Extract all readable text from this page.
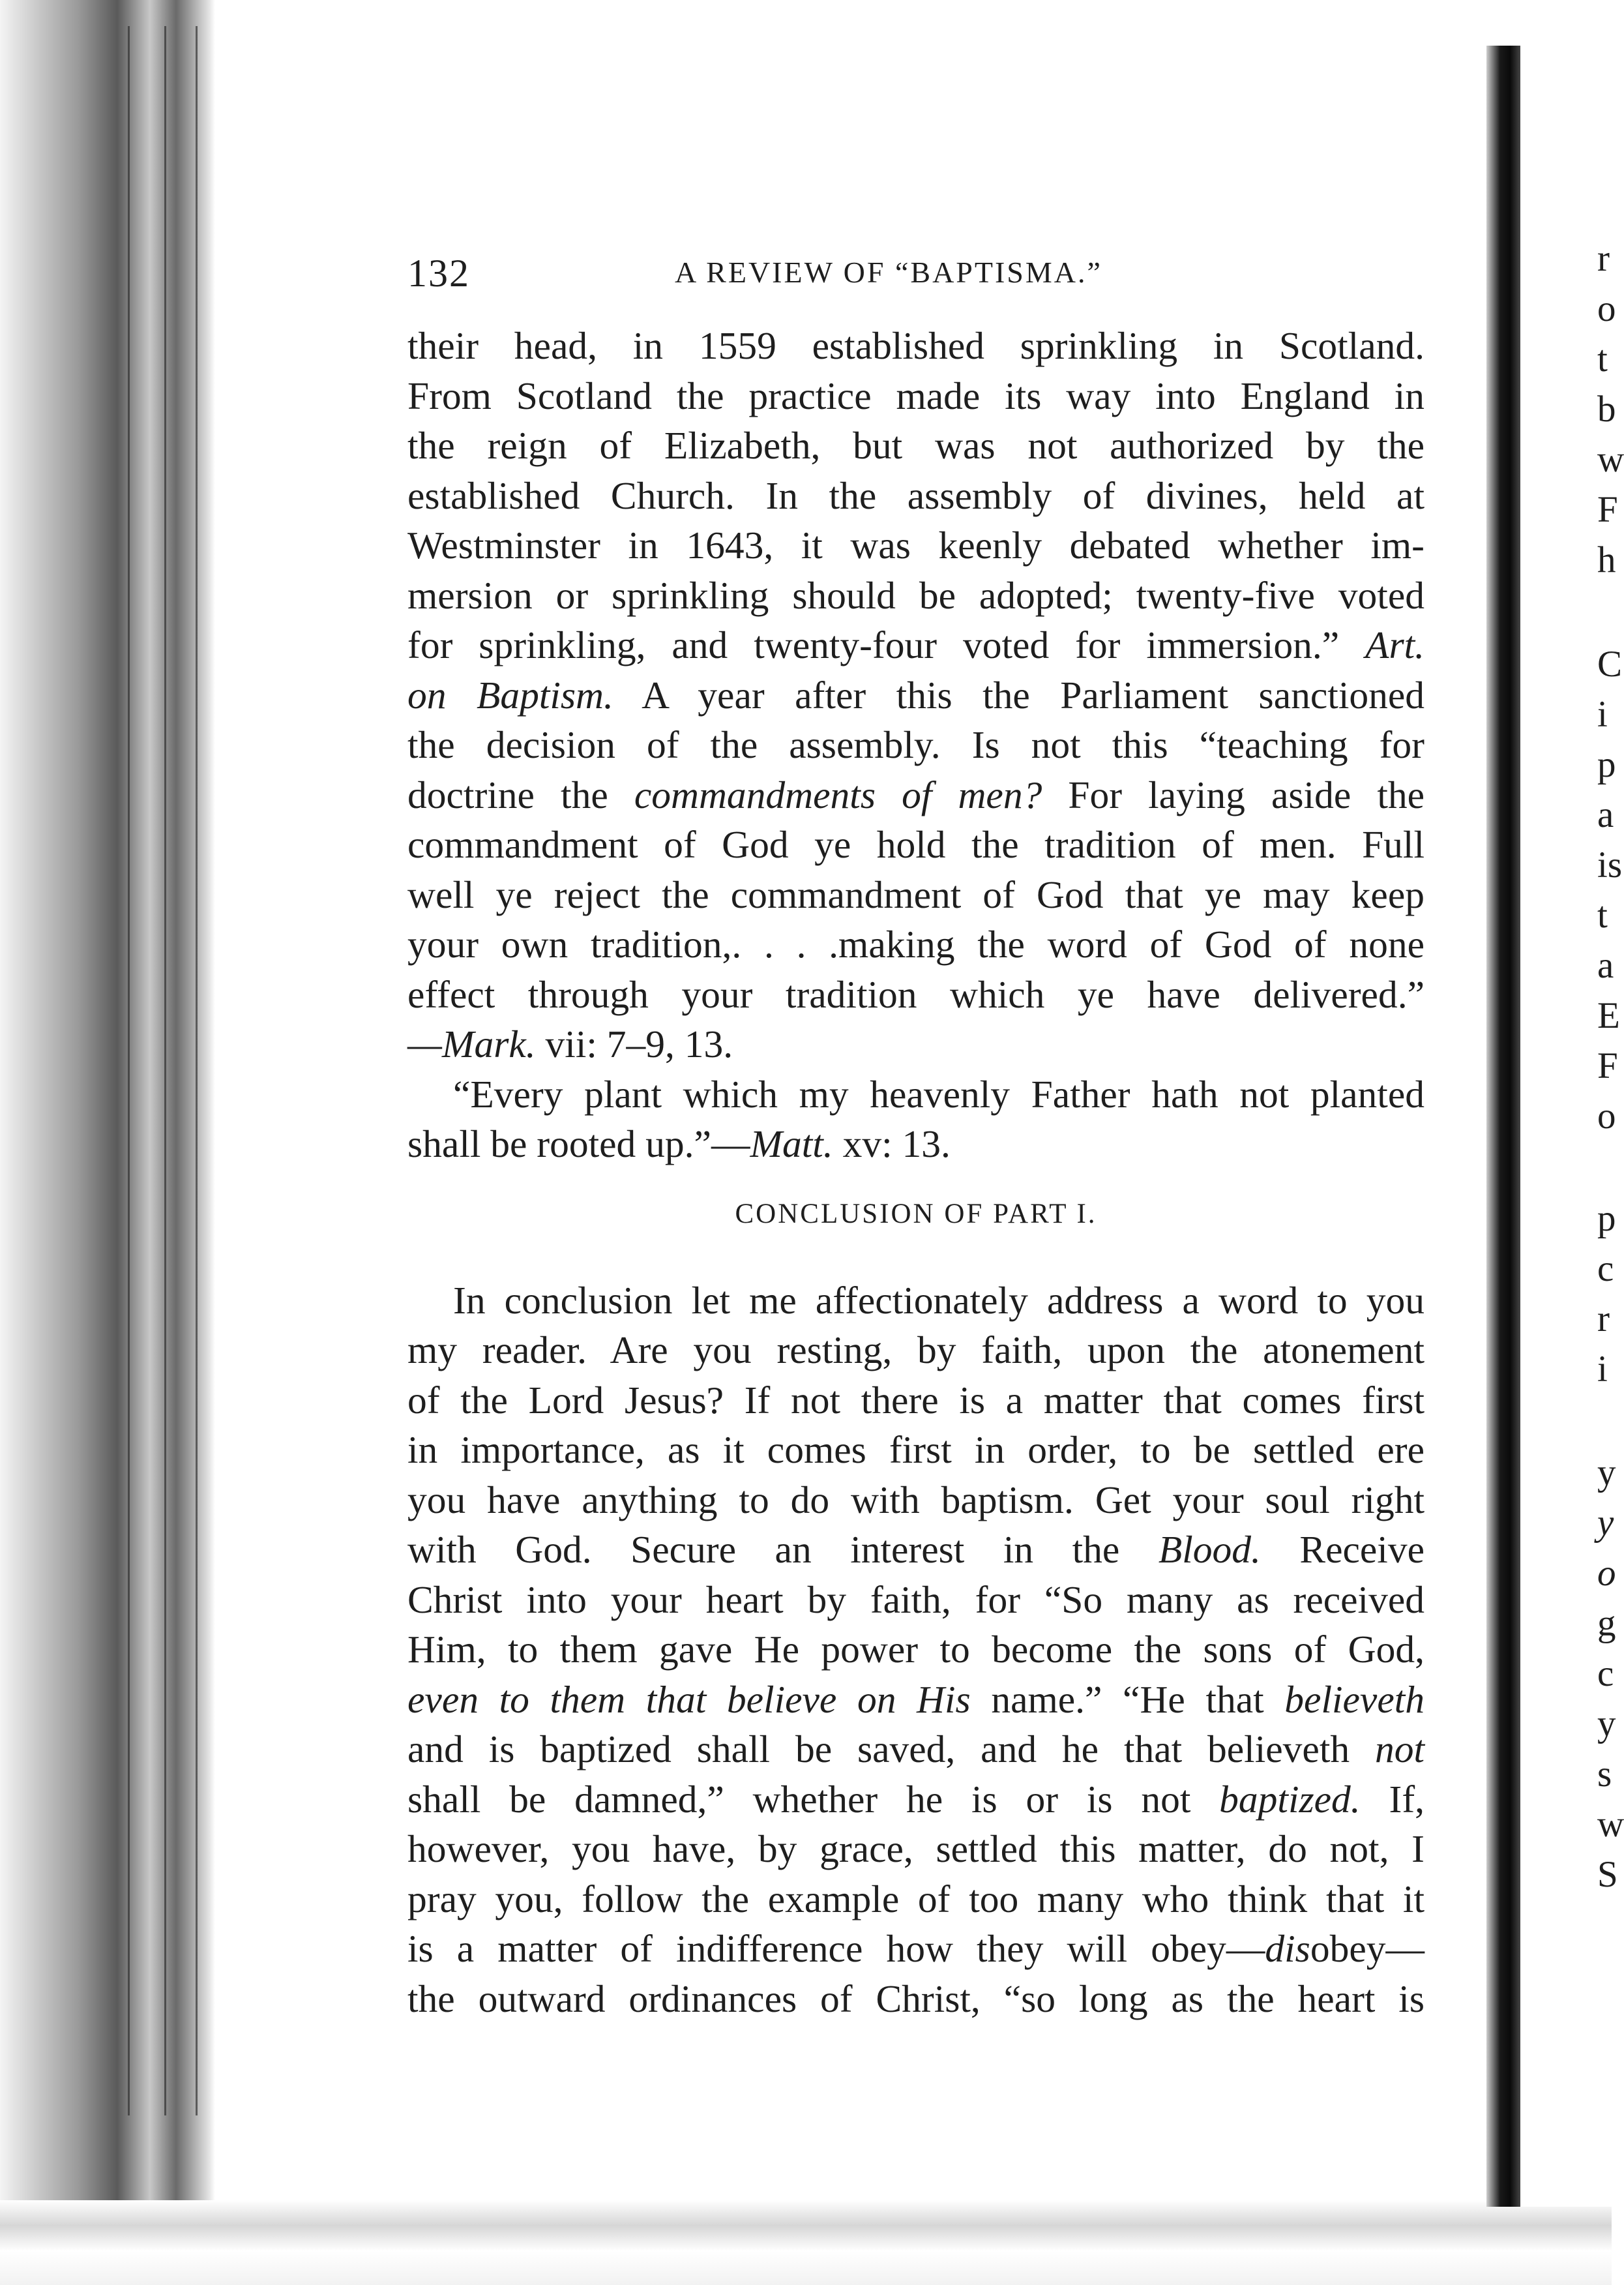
r
o
t
b
w
F
h
C
i
p
a
is
t
a
E
F
o
p
c
r
i
y
y
o
g
c
y
s
w
S
132	A REVIEW OF “BAPTISMA.”

their head, in 1559 established sprinkling in Scotland.
From Scotland the practice made its way into England in
the reign of Elizabeth, but was not authorized by the
established Church. In the assembly of divines, held at
Westminster in 1643, it was keenly debated whether im-
mersion or sprinkling should be adopted; twenty-five voted
for sprinkling, and twenty-four voted for immersion.” Art.
on Baptism. A year after this the Parliament sanctioned
the decision of the assembly. Is not this “teaching for
doctrine the commandments of men? For laying aside the
commandment of God ye hold the tradition of men. Full
well ye reject the commandment of God that ye may keep
your own tradition,. . . .making the word of God of none
effect through your tradition which ye have delivered.”
—Mark. vii: 7–9, 13.

“Every plant which my heavenly Father hath not planted
shall be rooted up.”—Matt. xv: 13.

CONCLUSION OF PART I.

In conclusion let me affectionately address a word to you
my reader. Are you resting, by faith, upon the atonement
of the Lord Jesus? If not there is a matter that comes first
in importance, as it comes first in order, to be settled ere
you have anything to do with baptism. Get your soul right
with God. Secure an interest in the Blood. Receive
Christ into your heart by faith, for “So many as received
Him, to them gave He power to become the sons of God,
even to them that believe on His name.” “He that believeth
and is baptized shall be saved, and he that believeth not
shall be damned,” whether he is or is not baptized. If,
however, you have, by grace, settled this matter, do not, I
pray you, follow the example of too many who think that it
is a matter of indifference how they will obey—disobey—
the outward ordinances of Christ, “so long as the heart is
